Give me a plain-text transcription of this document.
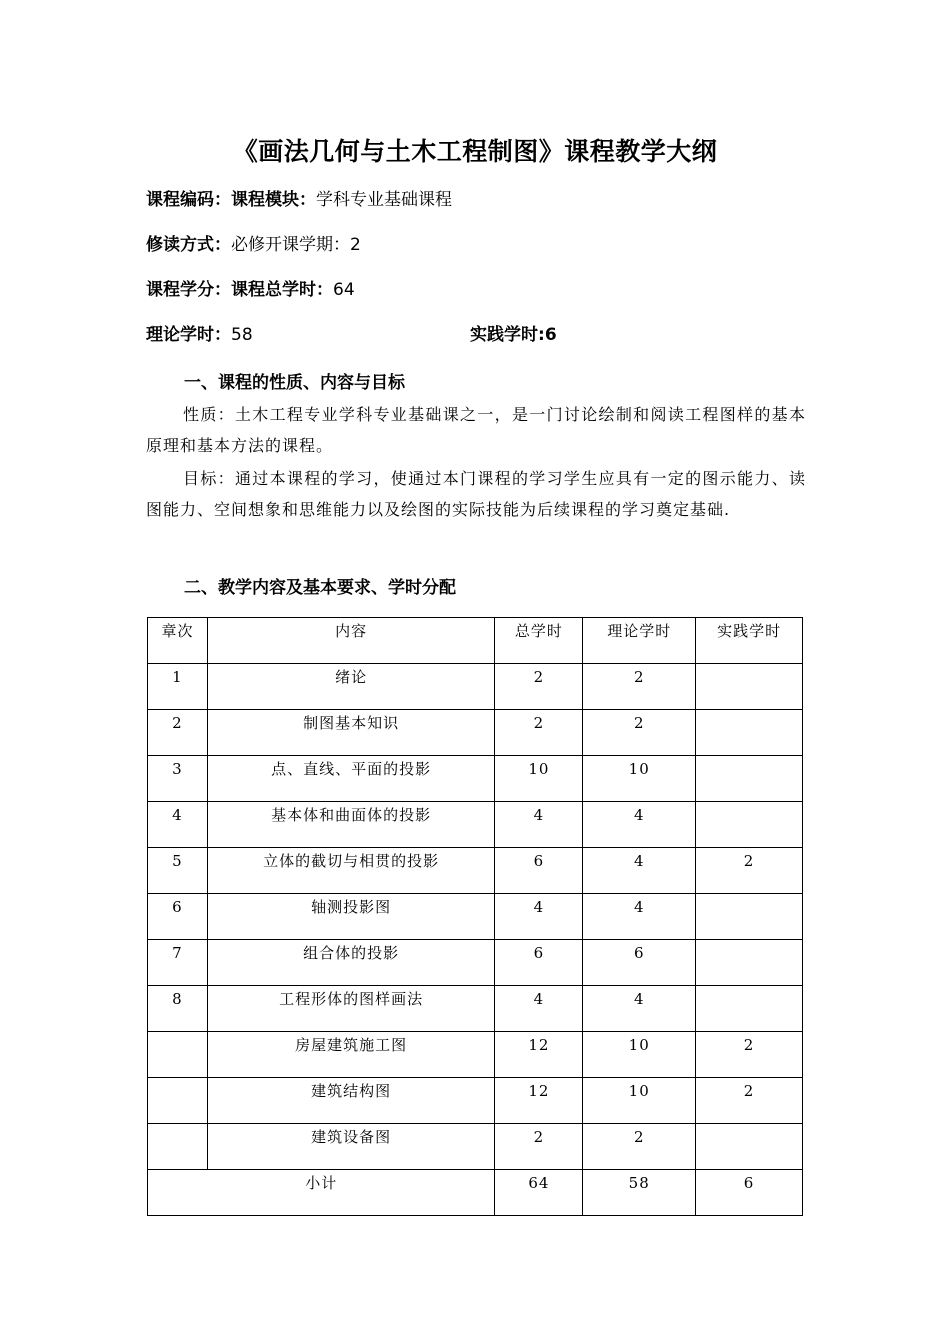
《画法几何与土木工程制图》课程教学大纲
课程编码：课程模块：学科专业基础课程
修读方式：必修开课学期：2
课程学分：课程总学时：64
理论学时：58	实践学时:6
一、课程的性质、内容与目标
性质：土木工程专业学科专业基础课之一，是一门讨论绘制和阅读工程图样的基本原理和基本方法的课程。
目标：通过本课程的学习，使通过本门课程的学习学生应具有一定的图示能力、读图能力、空间想象和思维能力以及绘图的实际技能为后续课程的学习奠定基础.
二、教学内容及基本要求、学时分配
章次	内容	总学时	理论学时	实践学时
1	绪论	2	2	
2	制图基本知识	2	2	
3	点、直线、平面的投影	10	10	
4	基本体和曲面体的投影	4	4	
5	立体的截切与相贯的投影	6	4	2
6	轴测投影图	4	4	
7	组合体的投影	6	6	
8	工程形体的图样画法	4	4	
	房屋建筑施工图	12	10	2
	建筑结构图	12	10	2
	建筑设备图	2	2	
小计		64	58	6
